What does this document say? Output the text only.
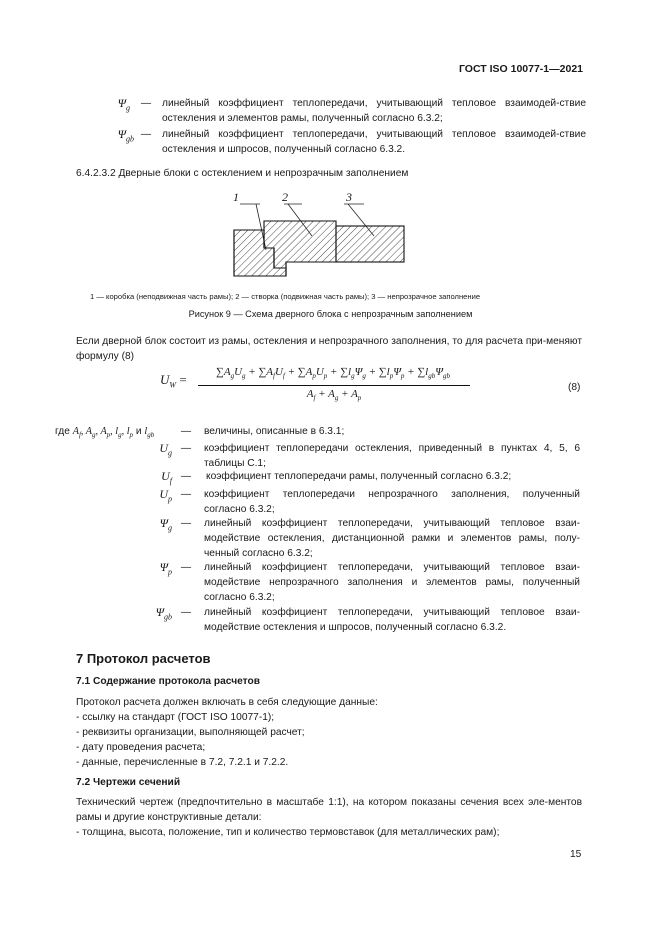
ГОСТ ISO 10077-1—2021
$\Psi_g$	—	линейный коэффициент теплопередачи, учитывающий тепловое взаимодей-ствие остекления и элементов рамы, полученный согласно 6.3.2;
$\Psi_{gb}$ —	линейный коэффициент теплопередачи, учитывающий тепловое взаимодей-ствие остекления и шпросов, полученный согласно 6.3.2.
6.4.2.3.2 Дверные блоки с остеклением и непрозрачным заполнением
1	2	3
1 — коробка (неподвижная часть рамы); 2 — створка (подвижная часть рамы); 3 — непрозрачное заполнение
Рисунок 9 — Схема дверного блока с непрозрачным заполнением
Если дверной блок состоит из рамы, остекления и непрозрачного заполнения, то для расчета при-меняют формулу (8)
$U_W$ =	$\sum A_gU_g + \sum A_fU_f + \sum A_pU_p + \sum l_g\Psi_g + \sum l_p\Psi_p + \sum l_{gb}\Psi_{gb}$
$A_f + A_g + A_p$
(8)
где $A_f$, $A_g$, $A_p$, $l_g$, $l_p$ и $l_{gb}$	—	величины, описанные в 6.3.1;
$U_g$ —	коэффициент теплопередачи остекления, приведенный в пунктах 4, 5, 6 таблицы С.1;
$U_f$ —	коэффициент теплопередачи рамы, полученный согласно 6.3.2;
$U_p$ —	коэффициент теплопередачи непрозрачного заполнения, полученный согласно 6.3.2;
$\Psi_g$ —	линейный коэффициент теплопередачи, учитывающий тепловое взаи-модействие остекления, дистанционной рамки и элементов рамы, полу-ченный согласно 6.3.2;
$\Psi_p$ —	линейный коэффициент теплопередачи, учитывающий тепловое взаи-модействие непрозрачного заполнения и элементов рамы, полученный согласно 6.3.2;
$\Psi_{gb}$ —	линейный коэффициент теплопередачи, учитывающий тепловое взаи-модействие остекления и шпросов, полученный согласно 6.3.2.
7 Протокол расчетов
7.1 Содержание протокола расчетов
Протокол расчета должен включать в себя следующие данные:
- ссылку на стандарт (ГОСТ ISO 10077-1);
- реквизиты организации, выполняющей расчет;
- дату проведения расчета;
- данные, перечисленные в 7.2, 7.2.1 и 7.2.2.
7.2 Чертежи сечений
Технический чертеж (предпочтительно в масштабе 1:1), на котором показаны сечения всех эле-ментов рамы и другие конструктивные детали:
- толщина, высота, положение, тип и количество термовставок (для металлических рам);
15
